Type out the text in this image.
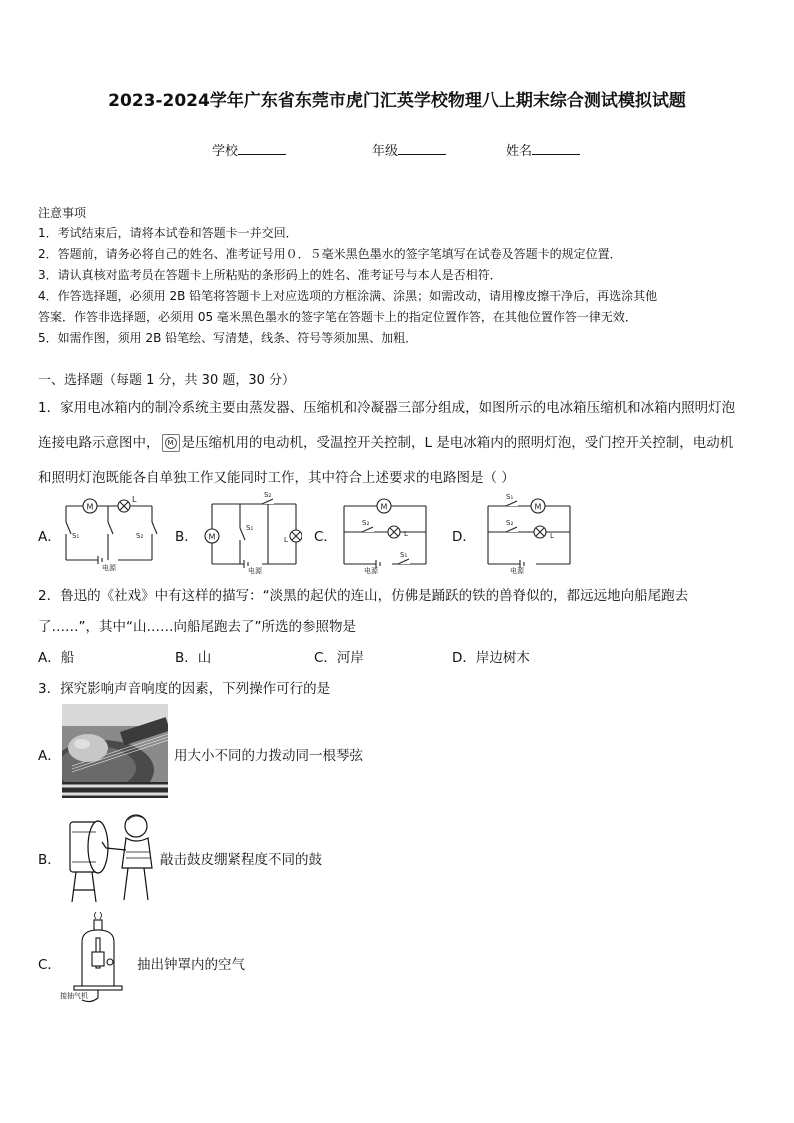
2023-2024学年广东省东莞市虎门汇英学校物理八上期末综合测试模拟试题
学校	年级	姓名
注意事项
1．考试结束后，请将本试卷和答题卡一并交回．
2．答题前，请务必将自己的姓名、准考证号用０．５毫米黑色墨水的签字笔填写在试卷及答题卡的规定位置．
3．请认真核对监考员在答题卡上所粘贴的条形码上的姓名、准考证号与本人是否相符．
4．作答选择题，必须用 2B 铅笔将答题卡上对应选项的方框涂满、涂黑；如需改动，请用橡皮擦干净后，再选涂其他
答案．作答非选择题，必须用 05 毫米黑色墨水的签字笔在答题卡上的指定位置作答，在其他位置作答一律无效．
5．如需作图，须用 2B 铅笔绘、写清楚，线条、符号等须加黑、加粗．
一、选择题（每题 1 分，共 30 题，30 分）
1．家用电冰箱内的制冷系统主要由蒸发器、压缩机和冷凝器三部分组成，如图所示的电冰箱压缩机和冰箱内照明灯泡
连接电路示意图中，	M 是压缩机用的电动机，受温控开关控制，L 是电冰箱内的照明灯泡，受门控开关控制，电动机
和照明灯泡既能各自单独工作又能同时工作，其中符合上述要求的电路图是（ ）
A．	B．	C．	D．
M
L
S₁	S₂
电源
M	L
S₂
S₁
电源
M
L
S₂
S₁
电源
M
L
S₁
S₂
电源
2．鲁迅的《社戏》中有这样的描写：“淡黑的起伏的连山，仿佛是踊跃的铁的兽脊似的，都远远地向船尾跑去
了……”，其中“山……向船尾跑去了”所选的参照物是
A．船	B．山	C．河岸	D．岸边树木
3．探究影响声音响度的因素，下列操作可行的是
A．	用大小不同的力拨动同一根琴弦
B．	敲击鼓皮绷紧程度不同的鼓
C．
接抽气机
抽出钟罩内的空气
